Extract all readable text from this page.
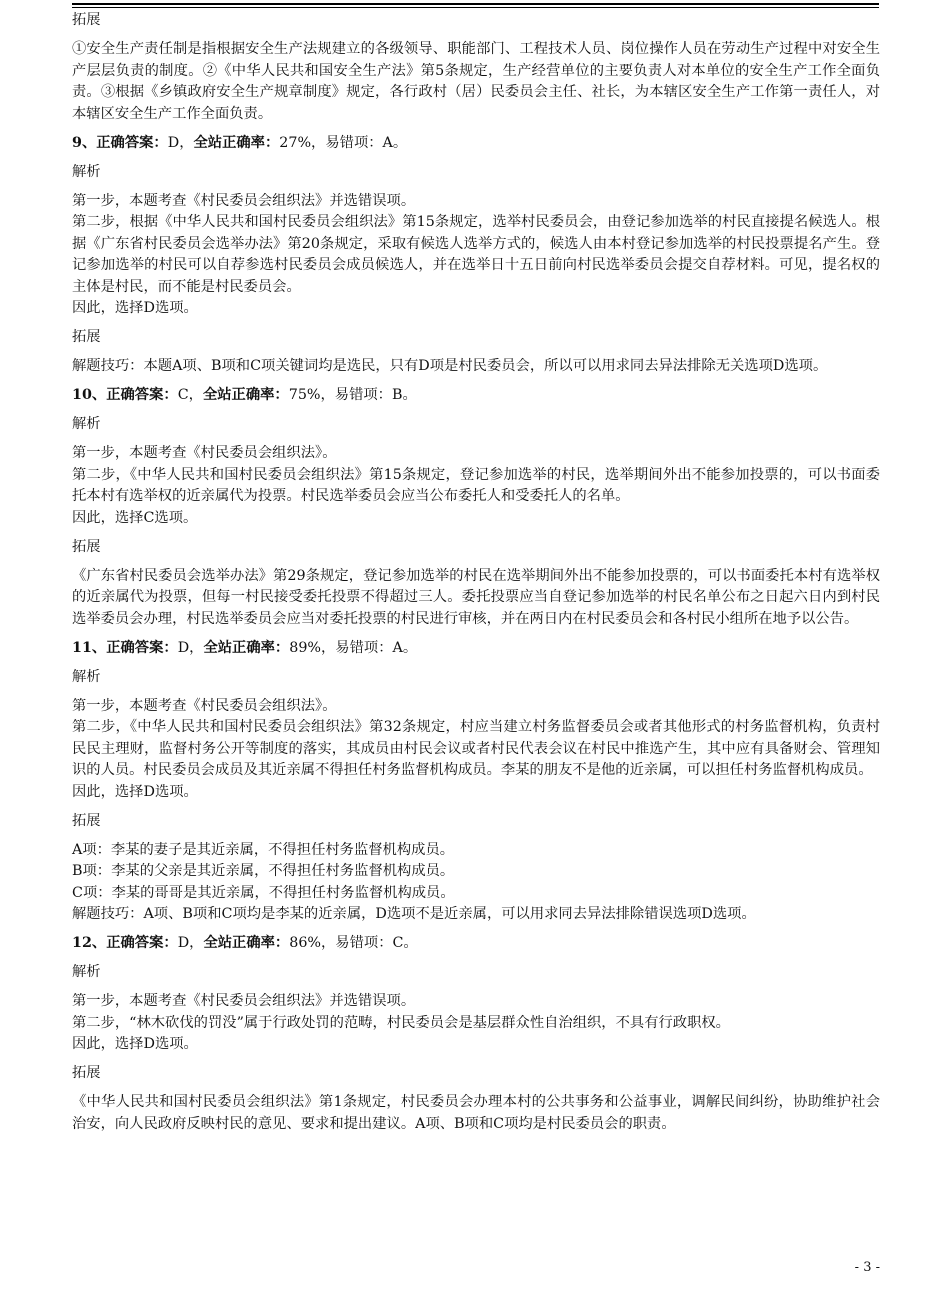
拓展

①安全生产责任制是指根据安全生产法规建立的各级领导、职能部门、工程技术人员、岗位操作人员在劳动生产过程中对安全生产层层负责的制度。②《中华人民共和国安全生产法》第5条规定，生产经营单位的主要负责人对本单位的安全生产工作全面负责。③根据《乡镇政府安全生产规章制度》规定，各行政村（居）民委员会主任、社长，为本辖区安全生产工作第一责任人，对本辖区安全生产工作全面负责。

9、正确答案：D，全站正确率：27%，易错项：A。

解析

第一步，本题考查《村民委员会组织法》并选错误项。

第二步，根据《中华人民共和国村民委员会组织法》第15条规定，选举村民委员会，由登记参加选举的村民直接提名候选人。根据《广东省村民委员会选举办法》第20条规定，采取有候选人选举方式的，候选人由本村登记参加选举的村民投票提名产生。登记参加选举的村民可以自荐参选村民委员会成员候选人，并在选举日十五日前向村民选举委员会提交自荐材料。可见，提名权的主体是村民，而不能是村民委员会。

因此，选择D选项。

拓展

解题技巧：本题A项、B项和C项关键词均是选民，只有D项是村民委员会，所以可以用求同去异法排除无关选项D选项。

10、正确答案：C，全站正确率：75%，易错项：B。

解析

第一步，本题考查《村民委员会组织法》。

第二步，《中华人民共和国村民委员会组织法》第15条规定，登记参加选举的村民，选举期间外出不能参加投票的，可以书面委托本村有选举权的近亲属代为投票。村民选举委员会应当公布委托人和受委托人的名单。

因此，选择C选项。

拓展

《广东省村民委员会选举办法》第29条规定，登记参加选举的村民在选举期间外出不能参加投票的，可以书面委托本村有选举权的近亲属代为投票，但每一村民接受委托投票不得超过三人。委托投票应当自登记参加选举的村民名单公布之日起六日内到村民选举委员会办理，村民选举委员会应当对委托投票的村民进行审核，并在两日内在村民委员会和各村民小组所在地予以公告。

11、正确答案：D，全站正确率：89%，易错项：A。

解析

第一步，本题考查《村民委员会组织法》。

第二步，《中华人民共和国村民委员会组织法》第32条规定，村应当建立村务监督委员会或者其他形式的村务监督机构，负责村民民主理财，监督村务公开等制度的落实，其成员由村民会议或者村民代表会议在村民中推选产生，其中应有具备财会、管理知识的人员。村民委员会成员及其近亲属不得担任村务监督机构成员。李某的朋友不是他的近亲属，可以担任村务监督机构成员。

因此，选择D选项。

拓展

A项：李某的妻子是其近亲属，不得担任村务监督机构成员。

B项：李某的父亲是其近亲属，不得担任村务监督机构成员。

C项：李某的哥哥是其近亲属，不得担任村务监督机构成员。

解题技巧：A项、B项和C项均是李某的近亲属，D选项不是近亲属，可以用求同去异法排除错误选项D选项。

12、正确答案：D，全站正确率：86%，易错项：C。

解析

第一步，本题考查《村民委员会组织法》并选错误项。

第二步，“林木砍伐的罚没”属于行政处罚的范畴，村民委员会是基层群众性自治组织，不具有行政职权。

因此，选择D选项。

拓展

《中华人民共和国村民委员会组织法》第1条规定，村民委员会办理本村的公共事务和公益事业，调解民间纠纷，协助维护社会治安，向人民政府反映村民的意见、要求和提出建议。A项、B项和C项均是村民委员会的职责。

- 3 -
